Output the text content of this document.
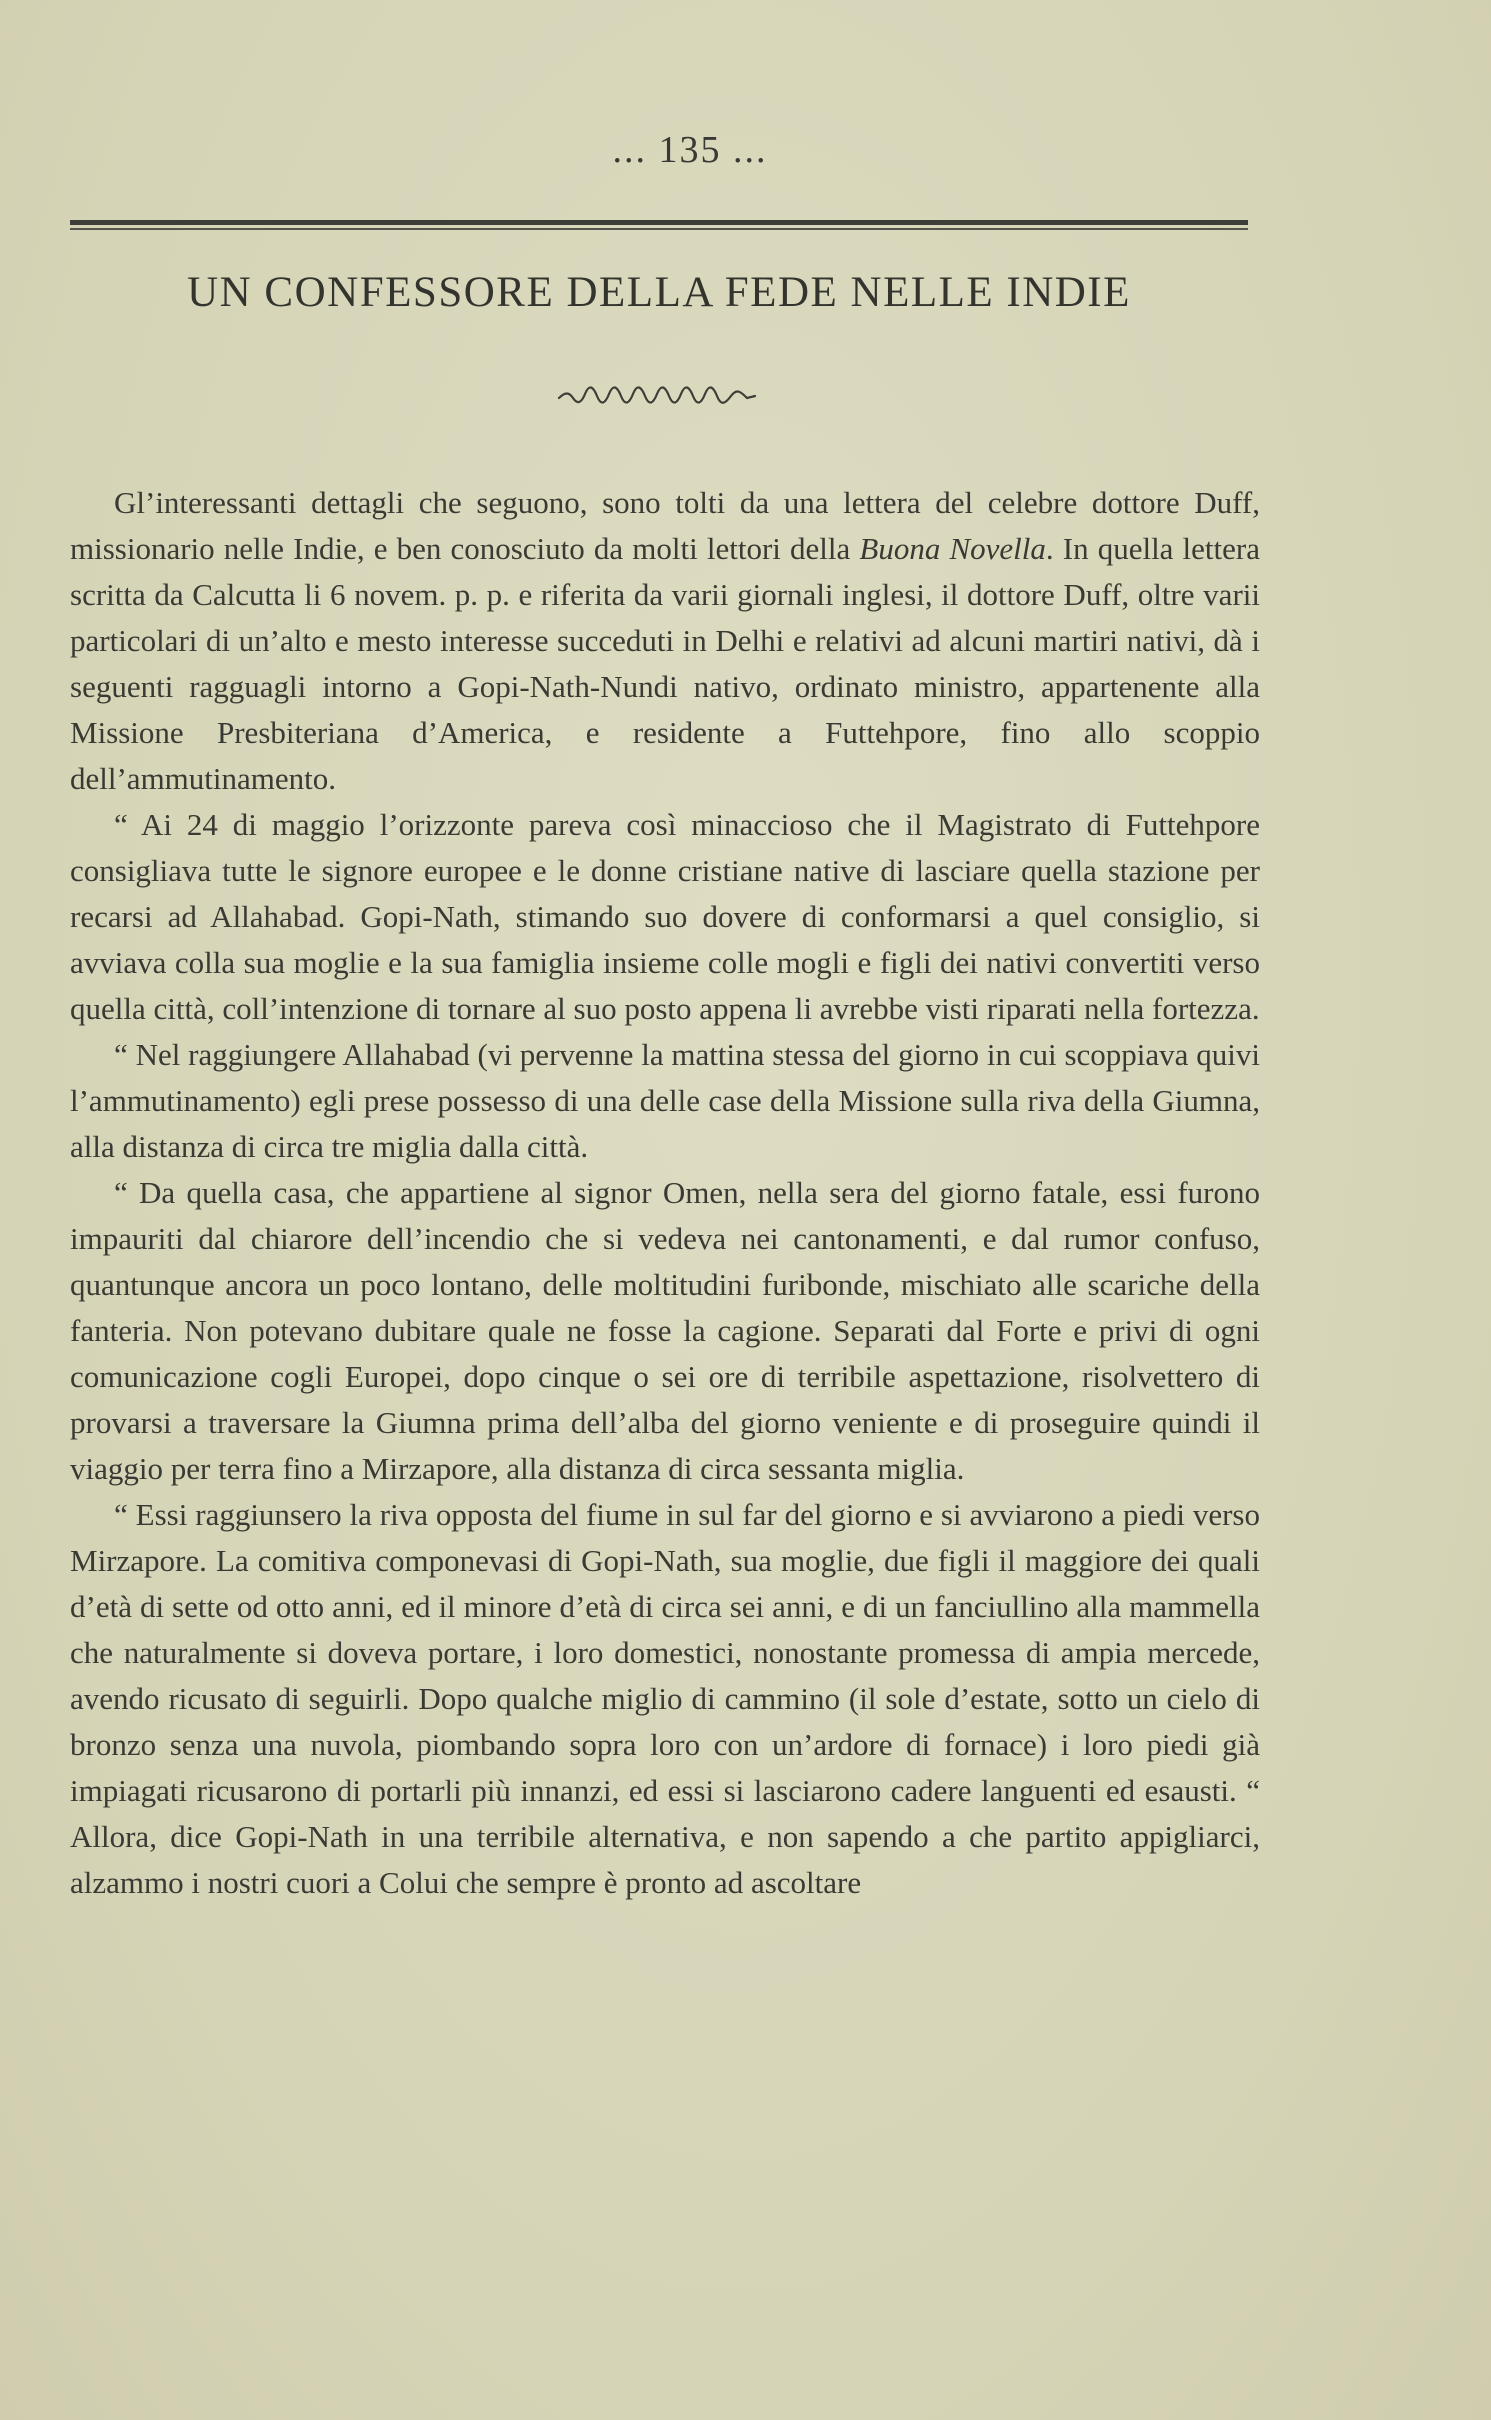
... 135 ...
UN CONFESSORE DELLA FEDE NELLE INDIE

Gl’interessanti dettagli che seguono, sono tolti da una lettera del celebre dottore Duff, missionario nelle Indie, e ben conosciuto da molti lettori della Buona Novella. In quella lettera scritta da Calcutta li 6 novem. p. p. e riferita da varii giornali inglesi, il dottore Duff, oltre varii particolari di un’alto e mesto interesse succeduti in Delhi e relativi ad alcuni martiri nativi, dà i seguenti ragguagli intorno a Gopi-Nath-Nundi nativo, ordinato ministro, appartenente alla Missione Presbiteriana d’America, e residente a Futtehpore, fino allo scoppio dell’ammutinamento.

“ Ai 24 di maggio l’orizzonte pareva così minaccioso che il Magistrato di Futtehpore consigliava tutte le signore europee e le donne cristiane native di lasciare quella stazione per recarsi ad Allahabad. Gopi-Nath, stimando suo dovere di conformarsi a quel consiglio, si avviava colla sua moglie e la sua famiglia insieme colle mogli e figli dei nativi convertiti verso quella città, coll’intenzione di tornare al suo posto appena li avrebbe visti riparati nella fortezza.

“ Nel raggiungere Allahabad (vi pervenne la mattina stessa del giorno in cui scoppiava quivi l’ammutinamento) egli prese possesso di una delle case della Missione sulla riva della Giumna, alla distanza di circa tre miglia dalla città.

“ Da quella casa, che appartiene al signor Omen, nella sera del giorno fatale, essi furono impauriti dal chiarore dell’incendio che si vedeva nei cantonamenti, e dal rumor confuso, quantunque ancora un poco lontano, delle moltitudini furibonde, mischiato alle scariche della fanteria. Non potevano dubitare quale ne fosse la cagione. Separati dal Forte e privi di ogni comunicazione cogli Europei, dopo cinque o sei ore di terribile aspettazione, risolvettero di provarsi a traversare la Giumna prima dell’alba del giorno veniente e di proseguire quindi il viaggio per terra fino a Mirzapore, alla distanza di circa sessanta miglia.

“ Essi raggiunsero la riva opposta del fiume in sul far del giorno e si avviarono a piedi verso Mirzapore. La comitiva componevasi di Gopi-Nath, sua moglie, due figli il maggiore dei quali d’età di sette od otto anni, ed il minore d’età di circa sei anni, e di un fanciullino alla mammella che naturalmente si doveva portare, i loro domestici, nonostante promessa di ampia mercede, avendo ricusato di seguirli. Dopo qualche miglio di cammino (il sole d’estate, sotto un cielo di bronzo senza una nuvola, piombando sopra loro con un’ardore di fornace) i loro piedi già impiagati ricusarono di portarli più innanzi, ed essi si lasciarono cadere languenti ed esausti. “ Allora, dice Gopi-Nath in una terribile alternativa, e non sapendo a che partito appigliarci, alzammo i nostri cuori a Colui che sempre è pronto ad ascoltare
